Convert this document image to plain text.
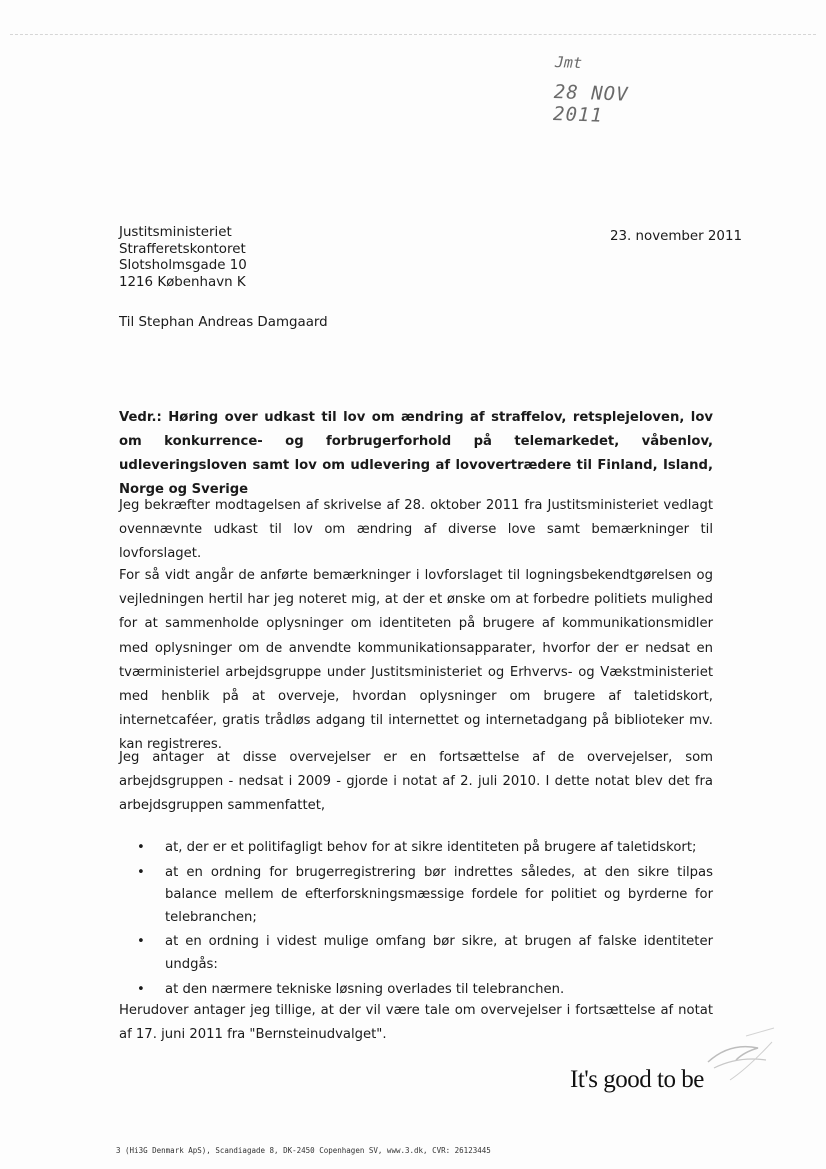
Jmt
28 NOV 2011
Justitsministeriet
Strafferetskontoret
Slotsholmsgade 10
1216 København K
23. november 2011
Til Stephan Andreas Damgaard
Vedr.: Høring over udkast til lov om ændring af straffelov, retsplejeloven, lov om konkurrence- og forbrugerforhold på telemarkedet, våbenlov, udleveringsloven samt lov om udlevering af lovovertrædere til Finland, Island, Norge og Sverige
Jeg bekræfter modtagelsen af skrivelse af 28. oktober 2011 fra Justitsministeriet vedlagt ovennævnte udkast til lov om ændring af diverse love samt bemærkninger til lovforslaget.
For så vidt angår de anførte bemærkninger i lovforslaget til logningsbekendtgørelsen og vejledningen hertil har jeg noteret mig, at der et ønske om at forbedre politiets mulighed for at sammenholde oplysninger om identiteten på brugere af kommunikationsmidler med oplysninger om de anvendte kommunikationsapparater, hvorfor der er nedsat en tværministeriel arbejdsgruppe under Justitsministeriet og Erhvervs- og Vækstministeriet med henblik på at overveje, hvordan oplysninger om brugere af taletidskort, internetcaféer, gratis trådløs adgang til internettet og internetadgang på biblioteker mv. kan registreres.
Jeg antager at disse overvejelser er en fortsættelse af de overvejelser, som arbejdsgruppen - nedsat i 2009 - gjorde i notat af 2. juli 2010. I dette notat blev det fra arbejdsgruppen sammenfattet,
• at, der er et politifagligt behov for at sikre identiteten på brugere af taletidskort;
• at en ordning for brugerregistrering bør indrettes således, at den sikre tilpas balance mellem de efterforskningsmæssige fordele for politiet og byrderne for telebranchen;
• at en ordning i videst mulige omfang bør sikre, at brugen af falske identiteter undgås:
• at den nærmere tekniske løsning overlades til telebranchen.
Herudover antager jeg tillige, at der vil være tale om overvejelser i fortsættelse af notat af 17. juni 2011 fra "Bernsteinudvalget".
It's good to be
3 (Hi3G Denmark ApS), Scandiagade 8, DK-2450 Copenhagen SV, www.3.dk, CVR: 26123445
